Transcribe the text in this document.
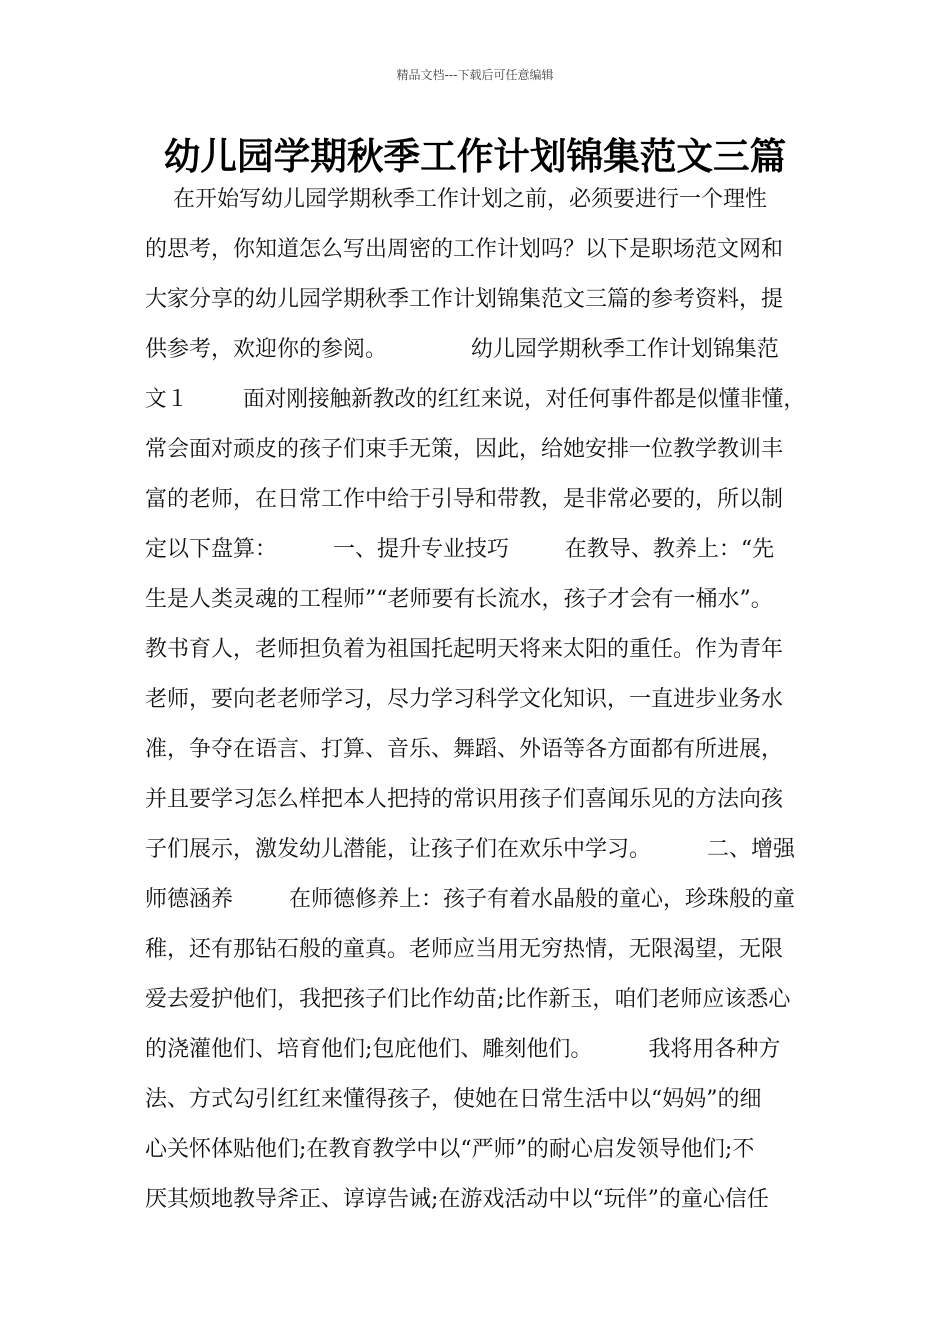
精品文档---下载后可任意编辑
幼儿园学期秋季工作计划锦集范文三篇
在开始写幼儿园学期秋季工作计划之前，必须要进行一个理性
的思考，你知道怎么写出周密的工作计划吗？以下是职场范文网和
大家分享的幼儿园学期秋季工作计划锦集范文三篇的参考资料，提
供参考，欢迎你的参阅。            幼儿园学期秋季工作计划锦集范
文１        面对刚接触新教改的红红来说，对任何事件都是似懂非懂，
常会面对顽皮的孩子们束手无策，因此，给她安排一位教学教训丰
富的老师，在日常工作中给于引导和带教，是非常必要的，所以制
定以下盘算：        一、提升专业技巧        在教导、教养上：“先
生是人类灵魂的工程师”“老师要有长流水，孩子才会有一桶水”。
教书育人，老师担负着为祖国托起明天将来太阳的重任。作为青年
老师，要向老老师学习，尽力学习科学文化知识，一直进步业务水
准，争夺在语言、打算、音乐、舞蹈、外语等各方面都有所进展，
并且要学习怎么样把本人把持的常识用孩子们喜闻乐见的方法向孩
子们展示，激发幼儿潜能，让孩子们在欢乐中学习。        二、增强
师德涵养        在师德修养上：孩子有着水晶般的童心，珍珠般的童
稚，还有那钻石般的童真。老师应当用无穷热情，无限渴望，无限
爱去爱护他们，我把孩子们比作幼苗;比作新玉，咱们老师应该悉心
的浇灌他们、培育他们;包庇他们、雕刻他们。        我将用各种方
法、方式勾引红红来懂得孩子，使她在日常生活中以“妈妈”的细
心关怀体贴他们;在教育教学中以“严师”的耐心启发领导他们;不
厌其烦地教导斧正、谆谆告诫;在游戏活动中以“玩伴”的童心信任
